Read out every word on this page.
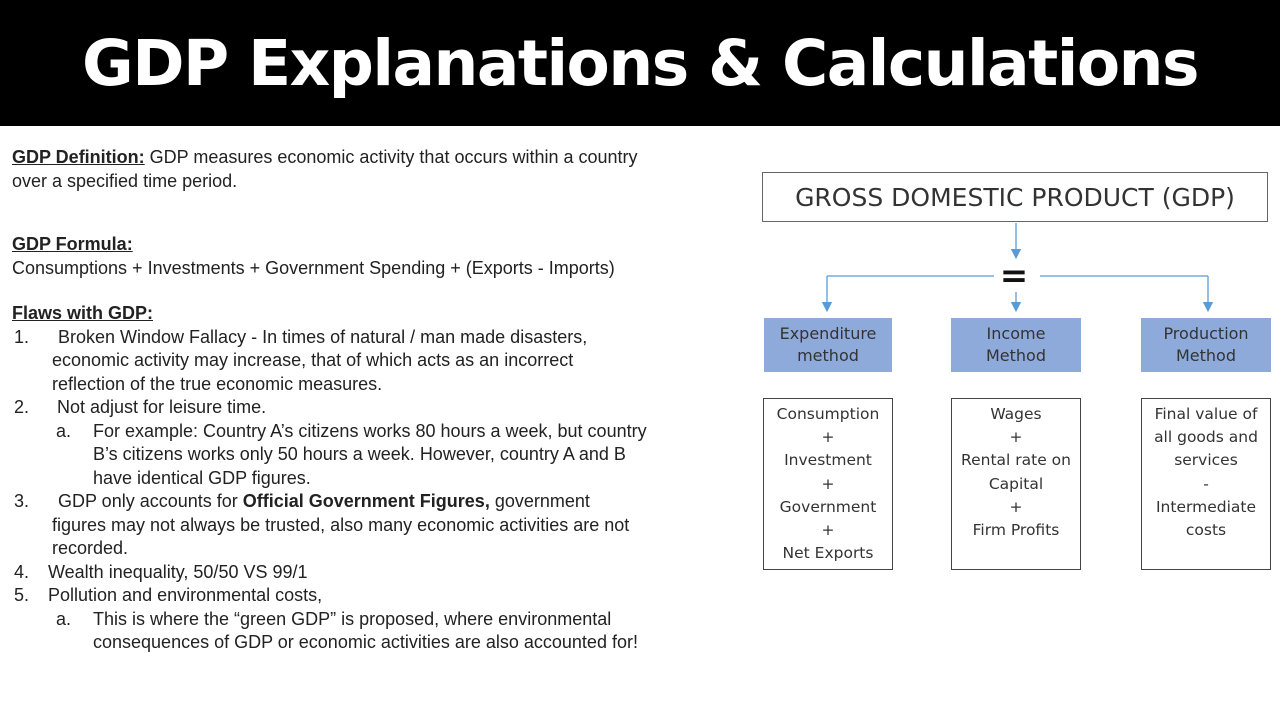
GDP Explanations & Calculations

GDP Definition: GDP measures economic activity that occurs within a country
over a specified time period.

GDP Formula:
Consumptions + Investments + Government Spending + (Exports - Imports)
Flaws with GDP:
1. Broken Window Fallacy - In times of natural / man made disasters,
economic activity may increase, that of which acts as an incorrect
reflection of the true economic measures.
2. Not adjust for leisure time.
a. For example: Country A’s citizens works 80 hours a week, but country
B’s citizens works only 50 hours a week. However, country A and B
have identical GDP figures.
3. GDP only accounts for Official Government Figures, government
figures may not always be trusted, also many economic activities are not
recorded.
4. Wealth inequality, 50/50 VS 99/1
5. Pollution and environmental costs,
a. This is where the “green GDP” is proposed, where environmental
consequences of GDP or economic activities are also accounted for!
GROSS DOMESTIC PRODUCT (GDP)
=
Expenditure
method
Income
Method
Production
Method
Consumption
+
Investment
+
Government
+
Net Exports
Wages
+
Rental rate on
Capital
+
Firm Profits
Final value of
all goods and
services
-
Intermediate
costs
